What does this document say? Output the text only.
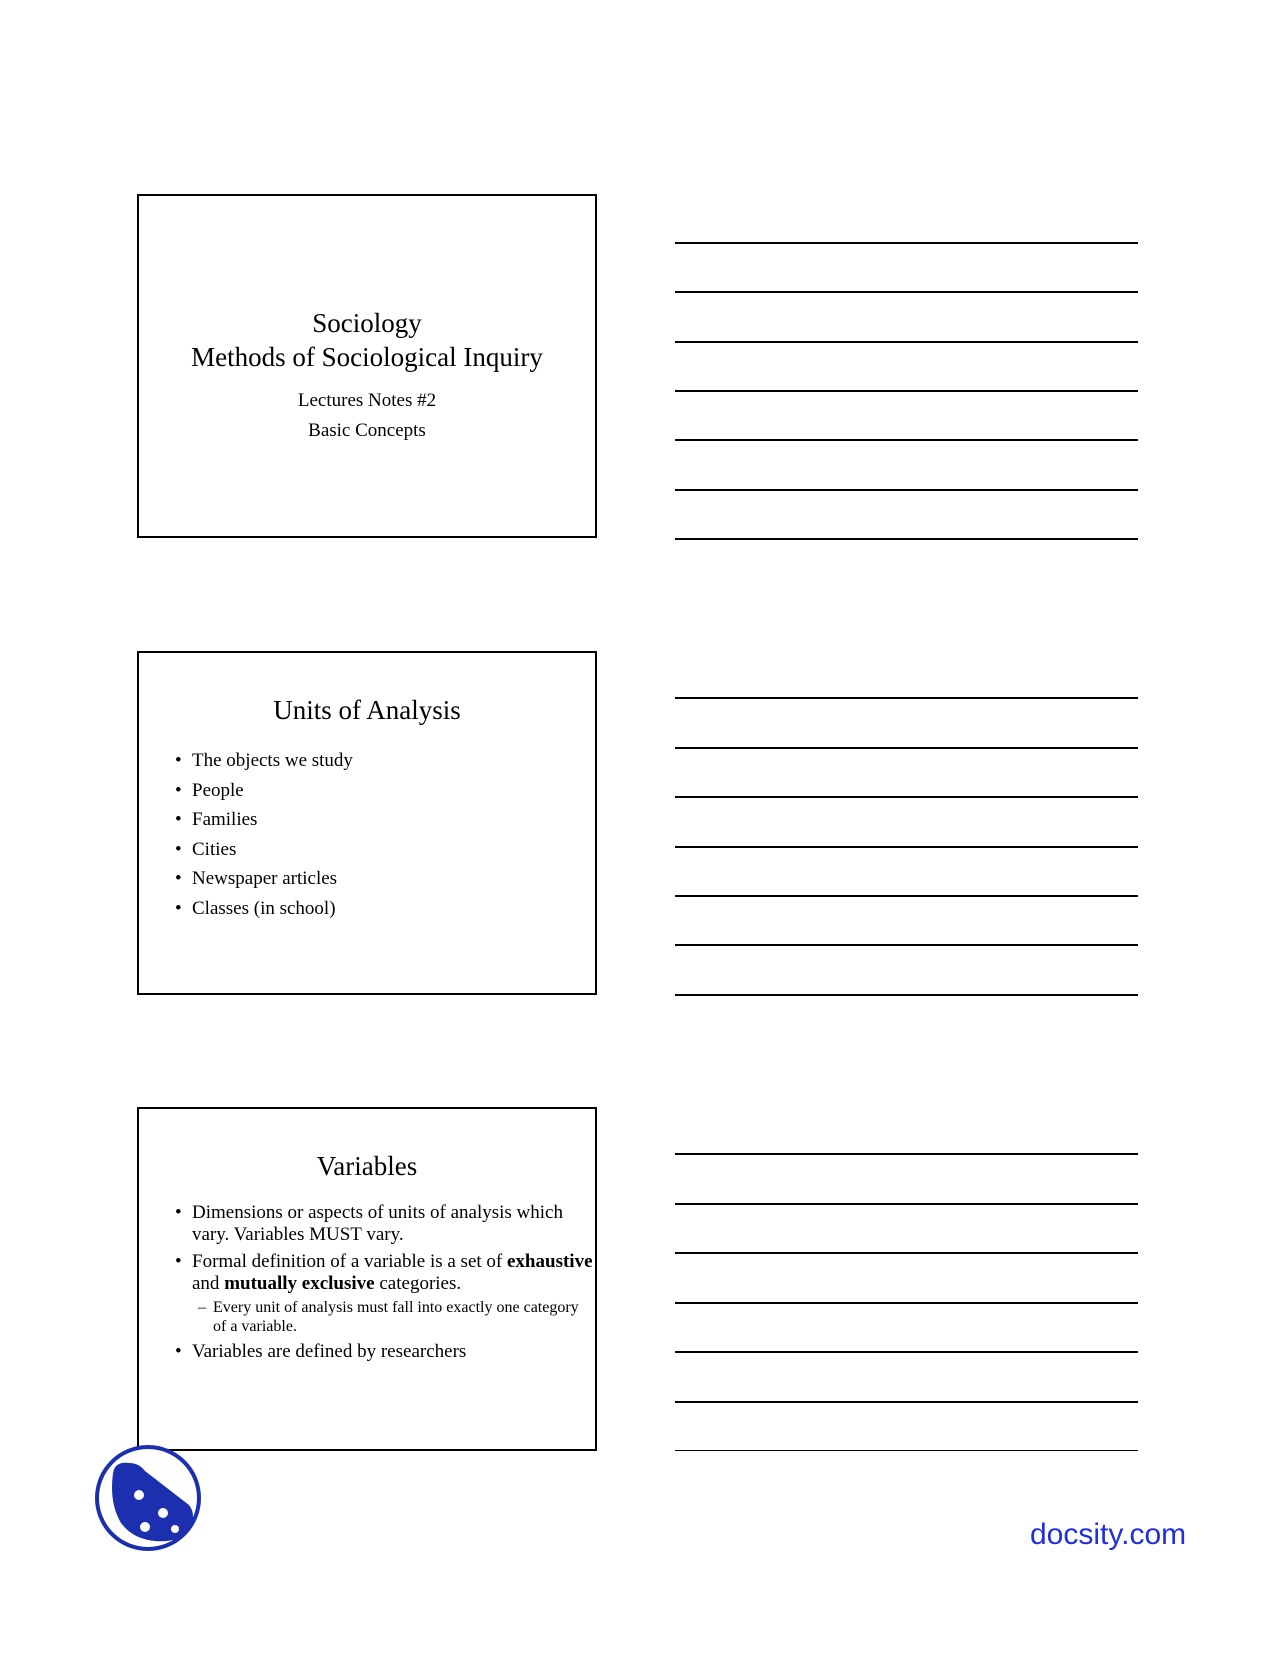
Sociology
Methods of Sociological Inquiry
Lectures Notes #2
Basic Concepts
Units of Analysis
• The objects we study
• People
• Families
• Cities
• Newspaper articles
• Classes (in school)
Variables
• Dimensions or aspects of units of analysis which vary. Variables MUST vary.
• Formal definition of a variable is a set of exhaustive and mutually exclusive categories.
– Every unit of analysis must fall into exactly one category of a variable.
• Variables are defined by researchers
docsity.com
